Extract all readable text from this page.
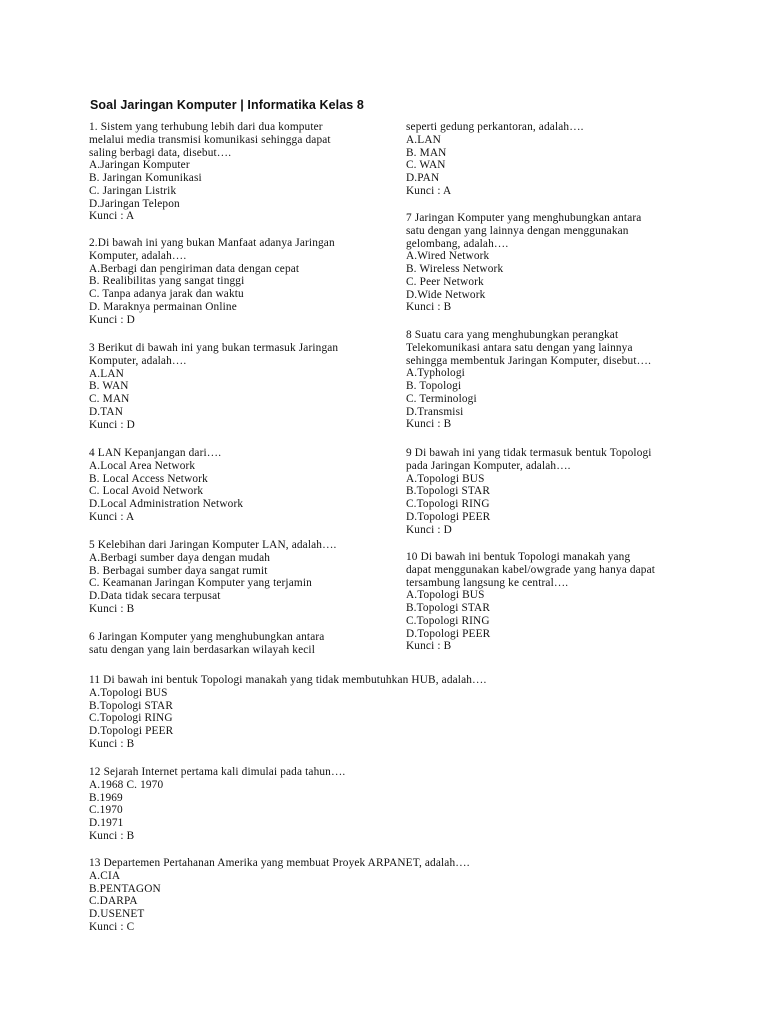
Soal Jaringan Komputer | Informatika Kelas 8
1. Sistem yang terhubung lebih dari dua komputer
melalui media transmisi komunikasi sehingga dapat
saling berbagi data, disebut….
A.Jaringan Komputer
B. Jaringan Komunikasi
C. Jaringan Listrik
D.Jaringan Telepon
Kunci : A
2.Di bawah ini yang bukan Manfaat adanya Jaringan
Komputer, adalah….
A.Berbagi dan pengiriman data dengan cepat
B. Realibilitas yang sangat tinggi
C. Tanpa adanya jarak dan waktu
D. Maraknya permainan Online
Kunci : D
3 Berikut di bawah ini yang bukan termasuk Jaringan
Komputer, adalah….
A.LAN
B. WAN
C. MAN
D.TAN
Kunci : D
4 LAN Kepanjangan dari….
A.Local Area Network
B. Local Access Network
C. Local Avoid Network
D.Local Administration Network
Kunci : A
5 Kelebihan dari Jaringan Komputer LAN, adalah….
A.Berbagi sumber daya dengan mudah
B. Berbagai sumber daya sangat rumit
C. Keamanan Jaringan Komputer yang terjamin
D.Data tidak secara terpusat
Kunci : B
6 Jaringan Komputer yang menghubungkan antara
satu dengan yang lain berdasarkan wilayah kecil
seperti gedung perkantoran, adalah….
A.LAN
B. MAN
C. WAN
D.PAN
Kunci : A
7 Jaringan Komputer yang menghubungkan antara
satu dengan yang lainnya dengan menggunakan
gelombang, adalah….
A.Wired Network
B. Wireless Network
C. Peer Network
D.Wide Network
Kunci : B
8 Suatu cara yang menghubungkan perangkat
Telekomunikasi antara satu dengan yang lainnya
sehingga membentuk Jaringan Komputer, disebut….
A.Typhologi
B. Topologi
C. Terminologi
D.Transmisi
Kunci : B
9 Di bawah ini yang tidak termasuk bentuk Topologi
pada Jaringan Komputer, adalah….
A.Topologi BUS
B.Topologi STAR
C.Topologi RING
D.Topologi PEER
Kunci : D
10 Di bawah ini bentuk Topologi manakah yang
dapat menggunakan kabel/owgrade yang hanya dapat
tersambung langsung ke central….
A.Topologi BUS
B.Topologi STAR
C.Topologi RING
D.Topologi PEER
Kunci : B
11 Di bawah ini bentuk Topologi manakah yang tidak membutuhkan HUB, adalah….
A.Topologi BUS
B.Topologi STAR
C.Topologi RING
D.Topologi PEER
Kunci : B
12 Sejarah Internet pertama kali dimulai pada tahun….
A.1968 C. 1970
B.1969
C.1970
D.1971
Kunci : B
13 Departemen Pertahanan Amerika yang membuat Proyek ARPANET, adalah….
A.CIA
B.PENTAGON
C.DARPA
D.USENET
Kunci : C
